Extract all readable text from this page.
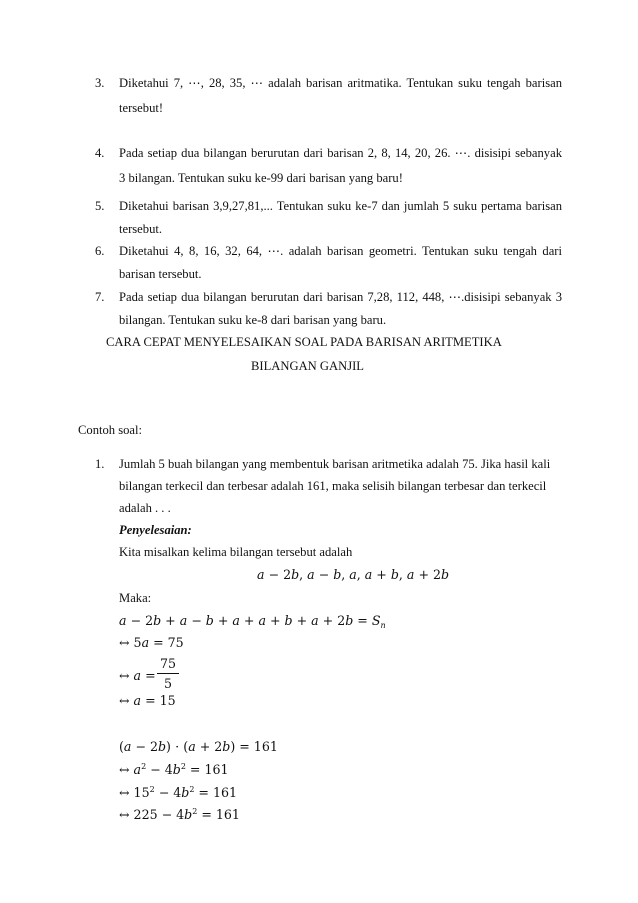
3. Diketahui 7, ⋯, 28, 35, ⋯ adalah barisan aritmatika. Tentukan suku tengah barisan
tersebut!
4. Pada setiap dua bilangan berurutan dari barisan 2, 8, 14, 20, 26. ⋯. disisipi sebanyak
3 bilangan. Tentukan suku ke-99 dari barisan yang baru!
5. Diketahui barisan 3,9,27,81,... Tentukan suku ke-7 dan jumlah 5 suku pertama barisan
tersebut.
6. Diketahui 4, 8, 16, 32, 64, ⋯. adalah barisan geometri. Tentukan suku tengah dari
barisan tersebut.
7. Pada setiap dua bilangan berurutan dari barisan 7,28, 112, 448, ⋯.disisipi sebanyak 3
bilangan. Tentukan suku ke-8 dari barisan yang baru.
CARA CEPAT MENYELESAIKAN SOAL PADA BARISAN ARITMETIKA
BILANGAN GANJIL
Contoh soal:
1. Jumlah 5 buah bilangan yang membentuk barisan aritmetika adalah 75. Jika hasil kali
bilangan terkecil dan terbesar adalah 161, maka selisih bilangan terbesar dan terkecil
adalah . . .
Penyelesaian:
Kita misalkan kelima bilangan tersebut adalah
𝑎 − 2𝑏, 𝑎 − 𝑏, 𝑎, 𝑎 + 𝑏, 𝑎 + 2𝑏
Maka:
𝑎 − 2𝑏 + 𝑎 − 𝑏 + 𝑎 + 𝑎 + 𝑏 + 𝑎 + 2𝑏 = 𝑆$_n$
↔ 5𝑎 = 75
↔ 𝑎 =
75
5
↔ 𝑎 = 15
(𝑎 − 2𝑏) ⋅ (𝑎 + 2𝑏) = 161
↔ 𝑎$^2$ − 4𝑏$^2$ = 161
↔ $15^2$ − 4𝑏$^2$ = 161
↔ 225 − 4𝑏$^2$ = 161
